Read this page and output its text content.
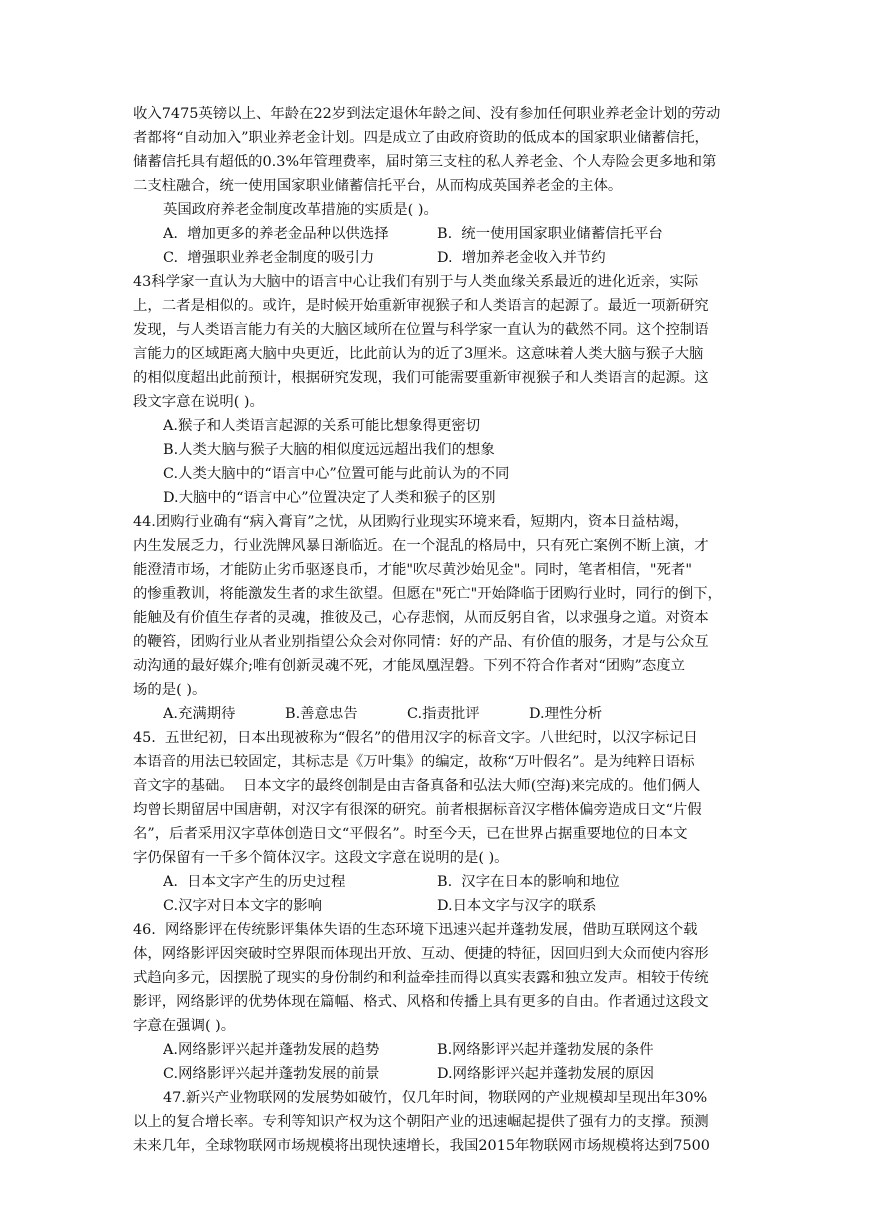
收入7475英镑以上、年龄在22岁到法定退休年龄之间、没有参加任何职业养老金计划的劳动
者都将“自动加入”职业养老金计划。四是成立了由政府资助的低成本的国家职业储蓄信托，
储蓄信托具有超低的0.3%年管理费率，届时第三支柱的私人养老金、个人寿险会更多地和第
二支柱融合，统一使用国家职业储蓄信托平台，从而构成英国养老金的主体。
英国政府养老金制度改革措施的实质是( )。
A.  增加更多的养老金品种以供选择	B.  统一使用国家职业储蓄信托平台
C.  增强职业养老金制度的吸引力	D.  增加养老金收入并节约
43科学家一直认为大脑中的语言中心让我们有别于与人类血缘关系最近的进化近亲，实际
上，二者是相似的。或许，是时候开始重新审视猴子和人类语言的起源了。最近一项新研究
发现，与人类语言能力有关的大脑区域所在位置与科学家一直认为的截然不同。这个控制语
言能力的区域距离大脑中央更近，比此前认为的近了3厘米。这意味着人类大脑与猴子大脑
的相似度超出此前预计，根据研究发现，我们可能需要重新审视猴子和人类语言的起源。这
段文字意在说明( )。
A.猴子和人类语言起源的关系可能比想象得更密切
B.人类大脑与猴子大脑的相似度远远超出我们的想象
C.人类大脑中的“语言中心”位置可能与此前认为的不同
D.大脑中的“语言中心”位置决定了人类和猴子的区别
44.团购行业确有“病入膏肓”之忧，从团购行业现实环境来看，短期内，资本日益枯竭，
内生发展乏力，行业洗牌风暴日渐临近。在一个混乱的格局中，只有死亡案例不断上演，才
能澄清市场，才能防止劣币驱逐良币，才能"吹尽黄沙始见金"。同时，笔者相信，"死者"
的惨重教训，将能激发生者的求生欲望。但愿在"死亡"开始降临于团购行业时，同行的倒下，
能触及有价值生存者的灵魂，推彼及己，心存悲悯，从而反躬自省，以求强身之道。对资本
的鞭笞，团购行业从者业别指望公众会对你同情：好的产品、有价值的服务，才是与公众互
动沟通的最好媒介;唯有创新灵魂不死，才能凤凰涅磐。下列不符合作者对“团购”态度立
场的是( )。
A.充满期待	B.善意忠告	C.指责批评	D.理性分析
45.  五世纪初，日本出现被称为“假名”的借用汉字的标音文字。八世纪时，以汉字标记日
本语音的用法已较固定，其标志是《万叶集》的编定，故称“万叶假名”。是为纯粹日语标
音文字的基础。  日本文字的最终创制是由吉备真备和弘法大师(空海)来完成的。他们俩人
均曾长期留居中国唐朝，对汉字有很深的研究。前者根据标音汉字楷体偏旁造成日文“片假
名”，后者采用汉字草体创造日文“平假名”。时至今天，已在世界占据重要地位的日本文
字仍保留有一千多个简体汉字。这段文字意在说明的是( )。
A.  日本文字产生的历史过程	B.  汉字在日本的影响和地位
C.汉字对日本文字的影响	D.日本文字与汉字的联系
46.  网络影评在传统影评集体失语的生态环境下迅速兴起并蓬勃发展，借助互联网这个载
体，网络影评因突破时空界限而体现出开放、互动、便捷的特征，因回归到大众而使内容形
式趋向多元，因摆脱了现实的身份制约和利益牵挂而得以真实表露和独立发声。相较于传统
影评，网络影评的优势体现在篇幅、格式、风格和传播上具有更多的自由。作者通过这段文
字意在强调( )。
A.网络影评兴起并蓬勃发展的趋势	B.网络影评兴起并蓬勃发展的条件
C.网络影评兴起并蓬勃发展的前景	D.网络影评兴起并蓬勃发展的原因
47.新兴产业物联网的发展势如破竹，仅几年时间，物联网的产业规模却呈现出年30%
以上的复合增长率。专利等知识产权为这个朝阳产业的迅速崛起提供了强有力的支撑。预测
未来几年，全球物联网市场规模将出现快速增长，我国2015年物联网市场规模将达到7500
